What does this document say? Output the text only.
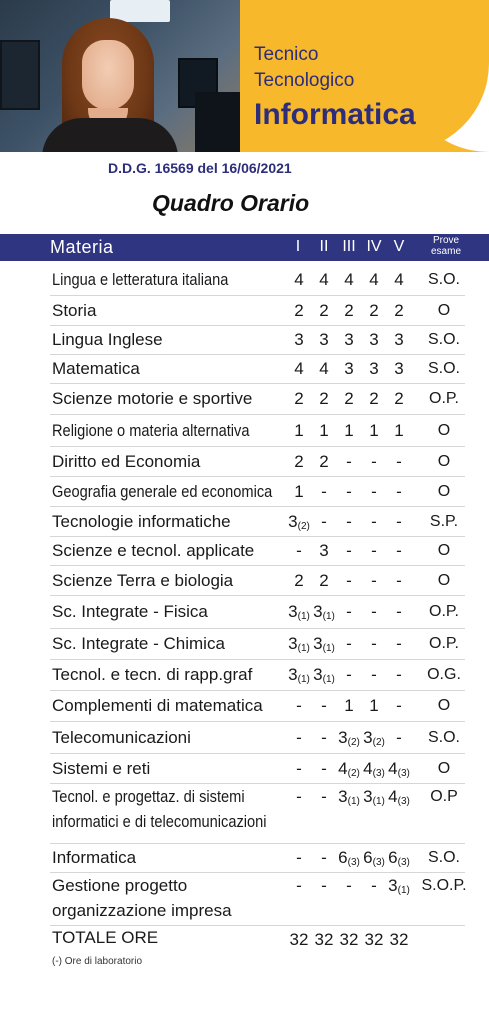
Tecnico
Tecnologico
Informatica
D.D.G. 16569 del 16/06/2021
Quadro Orario
Materia	I	II III IV V	Prove esame
Lingua e letteratura italiana	4 4 4 4 4	S.O.
Storia	2 2 2 2 2	O
Lingua Inglese	3 3 3 3 3	S.O.
Matematica	4 4 3 3 3	S.O.
Scienze motorie e sportive	2 2 2 2 2	O.P.
Religione o materia alternativa	1 1 1 1 1	O
Diritto ed Economia	2 2	-	-	-	O
Geografia generale ed economica	1	-	-	-	-	O
Tecnologie informatiche	$3_{(2)}$ -	-	-	-	S.P.
Scienze e tecnol. applicate	-	3	-	-	-	O
Scienze Terra e biologia	2 2	-	-	-	O
Sc. Integrate - Fisica	$3_{(1)}$ $3_{(1)}$ -	-	-	O.P.
Sc. Integrate - Chimica	$3_{(1)}$ $3_{(1)}$ -	-	-	O.P.
Tecnol. e tecn. di rapp.graf $3_{(1)}$ $3_{(1)}$ -	-	-	O.G.
Complementi di matematica	-	-	1 1	-	O
Telecomunicazioni	-	- $3_{(2)}$ $3_{(2)}$ -	S.O.
Sistemi e reti	-	- $4_{(2)}$ $4_{(3)}$ $4_{(3)}$	O
Tecnol. e progettaz. di sistemi
informatici e di telecomunicazioni
-	- $3_{(1)}$ $3_{(1)}$ $4_{(3)}$	O.P
Informatica	-	- $6_{(3)}$ $6_{(3)}$ $6_{(3)}$	S.O.
Gestione progetto
organizzazione impresa
-	-	-	- $3_{(1)}$ S.O.P.
TOTALE ORE	32 32 32 32 32
(-) Ore di laboratorio
